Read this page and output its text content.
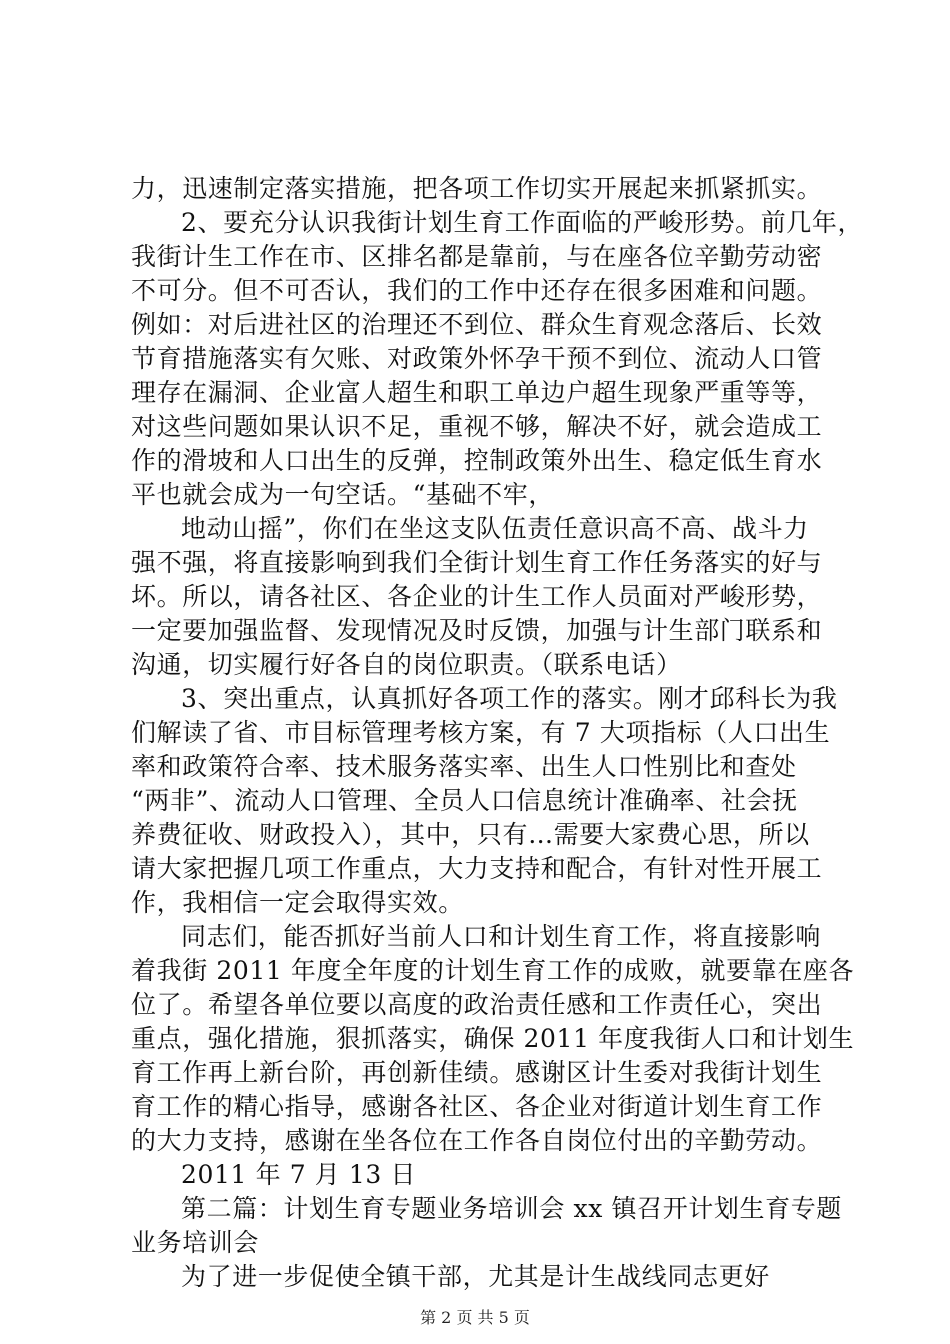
力，迅速制定落实措施，把各项工作切实开展起来抓紧抓实。
2、要充分认识我街计划生育工作面临的严峻形势。前几年，
我街计生工作在市、区排名都是靠前，与在座各位辛勤劳动密
不可分。但不可否认，我们的工作中还存在很多困难和问题。
例如：对后进社区的治理还不到位、群众生育观念落后、长效
节育措施落实有欠账、对政策外怀孕干预不到位、流动人口管
理存在漏洞、企业富人超生和职工单边户超生现象严重等等，
对这些问题如果认识不足，重视不够，解决不好，就会造成工
作的滑坡和人口出生的反弹，控制政策外出生、稳定低生育水
平也就会成为一句空话。“基础不牢，
地动山摇”，你们在坐这支队伍责任意识高不高、战斗力
强不强，将直接影响到我们全街计划生育工作任务落实的好与
坏。所以，请各社区、各企业的计生工作人员面对严峻形势，
一定要加强监督、发现情况及时反馈，加强与计生部门联系和
沟通，切实履行好各自的岗位职责。（联系电话）
3、突出重点，认真抓好各项工作的落实。刚才邱科长为我
们解读了省、市目标管理考核方案，有 7 大项指标（人口出生
率和政策符合率、技术服务落实率、出生人口性别比和查处
“两非”、流动人口管理、全员人口信息统计准确率、社会抚
养费征收、财政投入），其中，只有…需要大家费心思，所以
请大家把握几项工作重点，大力支持和配合，有针对性开展工
作，我相信一定会取得实效。
同志们，能否抓好当前人口和计划生育工作，将直接影响
着我街 2011 年度全年度的计划生育工作的成败，就要靠在座各
位了。希望各单位要以高度的政治责任感和工作责任心，突出
重点，强化措施，狠抓落实，确保 2011 年度我街人口和计划生
育工作再上新台阶，再创新佳绩。感谢区计生委对我街计划生
育工作的精心指导，感谢各社区、各企业对街道计划生育工作
的大力支持，感谢在坐各位在工作各自岗位付出的辛勤劳动。
2011 年 7 月 13 日
第二篇：计划生育专题业务培训会 xx 镇召开计划生育专题
业务培训会
为了进一步促使全镇干部，尤其是计生战线同志更好
第 2 页 共 5 页
